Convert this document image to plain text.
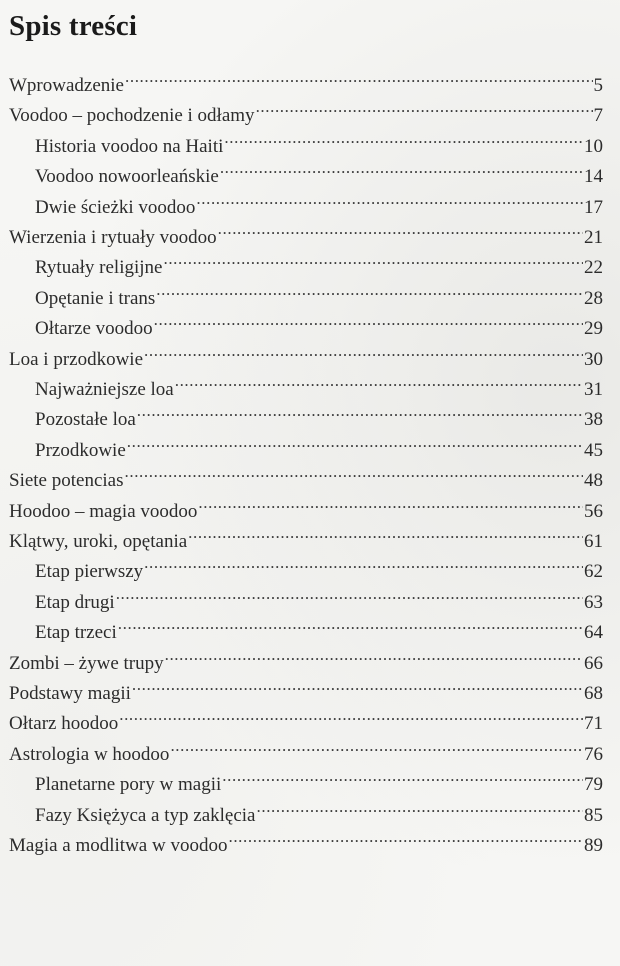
Spis treści
Wprowadzenie .....	5
Voodoo – pochodzenie i odłamy .....	7
Historia voodoo na Haiti .....	10
Voodoo nowoorleańskie .....	14
Dwie ścieżki voodoo .....	17
Wierzenia i rytuały voodoo .....	21
Rytuały religijne .....	22
Opętanie i trans .....	28
Ołtarze voodoo .....	29
Loa i przodkowie .....	30
Najważniejsze loa .....	31
Pozostałe loa .....	38
Przodkowie .....	45
Siete potencias .....	48
Hoodoo – magia voodoo .....	56
Klątwy, uroki, opętania .....	61
Etap pierwszy .....	62
Etap drugi .....	63
Etap trzeci .....	64
Zombi – żywe trupy .....	66
Podstawy magii .....	68
Ołtarz hoodoo .....	71
Astrologia w hoodoo .....	76
Planetarne pory w magii .....	79
Fazy Księżyca a typ zaklęcia .....	85
Magia a modlitwa w voodoo .....	89
